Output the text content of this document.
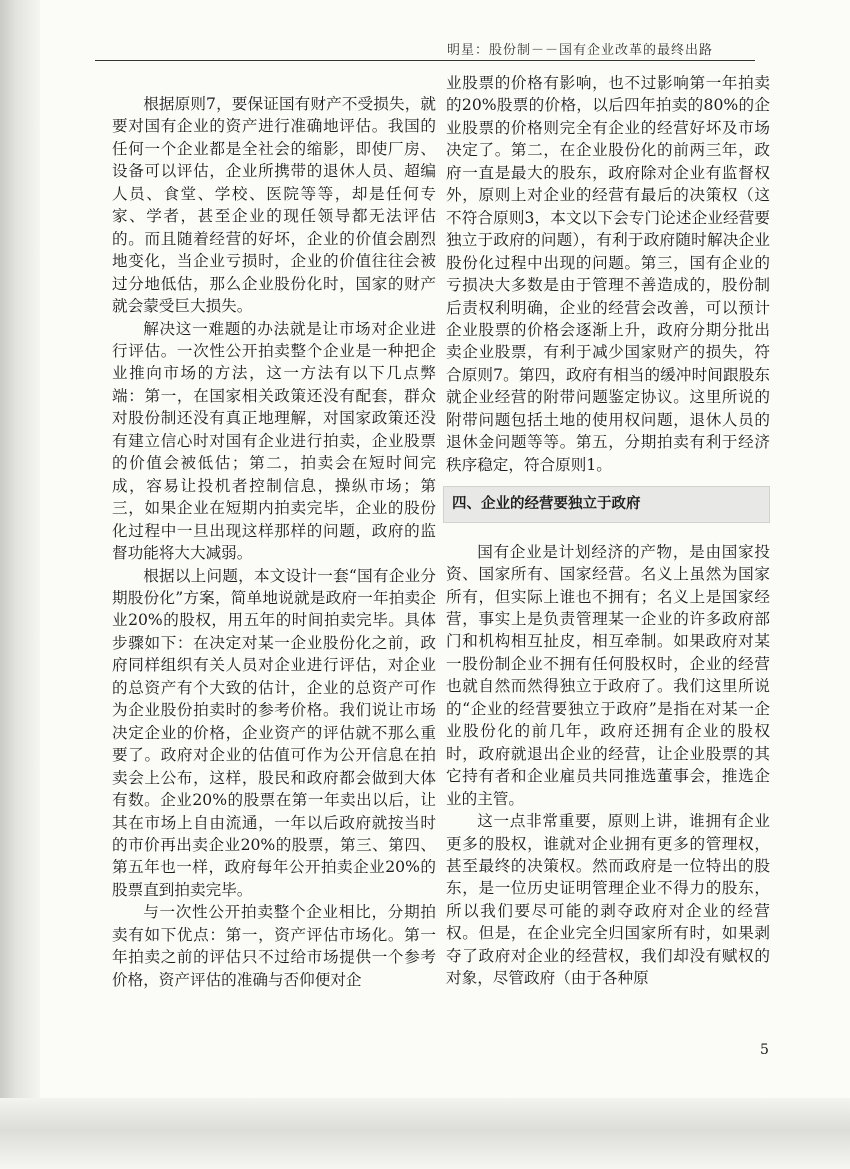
明星：股份制－－国有企业改革的最终出路

根据原则7，要保证国有财产不受损失，就要对国有企业的资产进行准确地评估。我国的任何一个企业都是全社会的缩影，即使厂房、设备可以评估，企业所携带的退休人员、超编人员、食堂、学校、医院等等，却是任何专家、学者，甚至企业的现任领导都无法评估的。而且随着经营的好坏，企业的价值会剧烈地变化，当企业亏损时，企业的价值往往会被过分地低估，那么企业股份化时，国家的财产就会蒙受巨大损失。

解决这一难题的办法就是让市场对企业进行评估。一次性公开拍卖整个企业是一种把企业推向市场的方法，这一方法有以下几点弊端：第一，在国家相关政策还没有配套，群众对股份制还没有真正地理解，对国家政策还没有建立信心时对国有企业进行拍卖，企业股票的价值会被低估；第二，拍卖会在短时间完成，容易让投机者控制信息，操纵市场；第三，如果企业在短期内拍卖完毕，企业的股份化过程中一旦出现这样那样的问题，政府的监督功能将大大减弱。

根据以上问题，本文设计一套“国有企业分期股份化”方案，简单地说就是政府一年拍卖企业20%的股权，用五年的时间拍卖完毕。具体步骤如下：在决定对某一企业股份化之前，政府同样组织有关人员对企业进行评估，对企业的总资产有个大致的估计，企业的总资产可作为企业股份拍卖时的参考价格。我们说让市场决定企业的价格，企业资产的评估就不那么重要了。政府对企业的估值可作为公开信息在拍卖会上公布，这样，股民和政府都会做到大体有数。企业20%的股票在第一年卖出以后，让其在市场上自由流通，一年以后政府就按当时的市价再出卖企业20%的股票，第三、第四、第五年也一样，政府每年公开拍卖企业20%的股票直到拍卖完毕。

与一次性公开拍卖整个企业相比，分期拍卖有如下优点：第一，资产评估市场化。第一年拍卖之前的评估只不过给市场提供一个参考价格，资产评估的准确与否仰便对企

业股票的价格有影响，也不过影响第一年拍卖的20%股票的价格，以后四年拍卖的80%的企业股票的价格则完全有企业的经营好坏及市场决定了。第二，在企业股份化的前两三年，政府一直是最大的股东，政府除对企业有监督权外，原则上对企业的经营有最后的决策权（这不符合原则3，本文以下会专门论述企业经营要独立于政府的问题），有利于政府随时解决企业股份化过程中出现的问题。第三，国有企业的亏损决大多数是由于管理不善造成的，股份制后责权利明确，企业的经营会改善，可以预计企业股票的价格会逐渐上升，政府分期分批出卖企业股票，有利于减少国家财产的损失，符合原则7。第四，政府有相当的缓冲时间跟股东就企业经营的附带问题鉴定协议。这里所说的附带问题包括土地的使用权问题，退休人员的退休金问题等等。第五，分期拍卖有利于经济秩序稳定，符合原则1。

四、企业的经营要独立于政府

国有企业是计划经济的产物，是由国家投资、国家所有、国家经营。名义上虽然为国家所有，但实际上谁也不拥有；名义上是国家经营，事实上是负责管理某一企业的许多政府部门和机构相互扯皮，相互牵制。如果政府对某一股份制企业不拥有任何股权时，企业的经营也就自然而然得独立于政府了。我们这里所说的“企业的经营要独立于政府”是指在对某一企业股份化的前几年，政府还拥有企业的股权时，政府就退出企业的经营，让企业股票的其它持有者和企业雇员共同推选董事会，推选企业的主管。

这一点非常重要，原则上讲，谁拥有企业更多的股权，谁就对企业拥有更多的管理权，甚至最终的决策权。然而政府是一位特出的股东，是一位历史证明管理企业不得力的股东，所以我们要尽可能的剥夺政府对企业的经营权。但是，在企业完全归国家所有时，如果剥夺了政府对企业的经营权，我们却没有赋权的对象，尽管政府（由于各种原

5
